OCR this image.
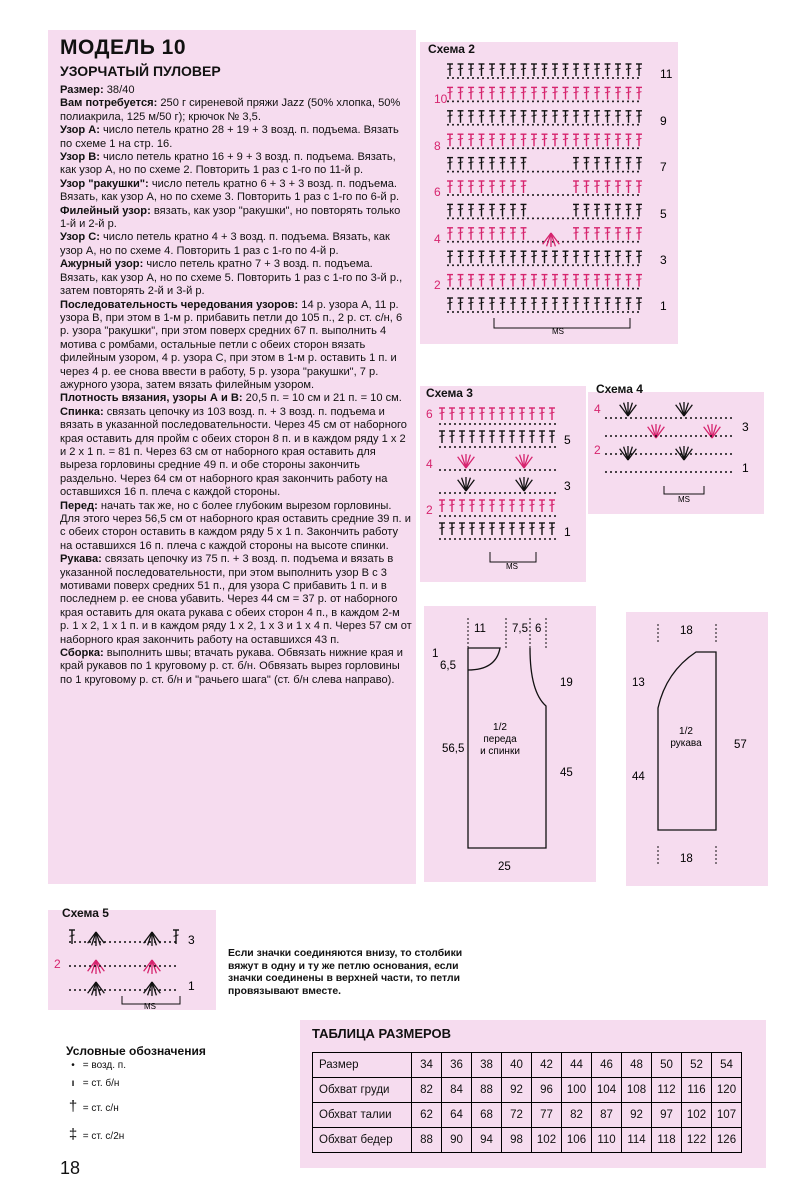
МОДЕЛЬ 10
УЗОРЧАТЫЙ ПУЛОВЕР

Размер: 38/40

Вам потребуется: 250 г сиреневой пряжи Jazz (50% хлопка, 50% полиакрила, 125 м/50 г); крючок № 3,5.

Узор А: число петель кратно 28 + 19 + 3 возд. п. подъема. Вязать по схеме 1 на стр. 16.

Узор В: число петель кратно 16 + 9 + 3 возд. п. подъема. Вязать, как узор А, но по схеме 2. Повторить 1 раз с 1-го по 11-й р.

Узор "ракушки": число петель кратно 6 + 3 + 3 возд. п. подъема. Вязать, как узор А, но по схеме 3. Повторить 1 раз с 1-го по 6-й р.

Филейный узор: вязать, как узор "ракушки", но повторять только 1-й и 2-й р.

Узор С: число петель кратно 4 + 3 возд. п. подъема. Вязать, как узор А, но по схеме 4. Повторить 1 раз с 1-го по 4-й р.

Ажурный узор: число петель кратно 7 + 3 возд. п. подъема. Вязать, как узор А, но по схеме 5. Повторить 1 раз с 1-го по 3-й р., затем повторять 2-й и 3-й р.

Последовательность чередования узоров: 14 р. узора А, 11 р. узора В, при этом в 1-м р. прибавить петли до 105 п., 2 р. ст. с/н, 6 р. узора "ракушки", при этом поверх средних 67 п. выполнить 4 мотива с ромбами, остальные петли с обеих сторон вязать филейным узором, 4 р. узора С, при этом в 1-м р. оставить 1 п. и через 4 р. ее снова ввести в работу, 5 р. узора "ракушки", 7 р. ажурного узора, затем вязать филейным узором.

Плотность вязания, узоры А и В: 20,5 п. = 10 см и 21 п. = 10 см.

Спинка: связать цепочку из 103 возд. п. + 3 возд. п. подъема и вязать в указанной последовательности. Через 45 см от наборного края оставить для пройм с обеих сторон 8 п. и в каждом ряду 1 х 2 и 2 х 1 п. = 81 п. Через 63 см от наборного края оставить для выреза горловины средние 49 п. и обе стороны закончить раздельно. Через 64 см от наборного края закончить работу на оставшихся 16 п. плеча с каждой стороны.

Перед: начать так же, но с более глубоким вырезом горловины. Для этого через 56,5 см от наборного края оставить средние 39 п. и с обеих сторон оставить в каждом ряду 5 х 1 п. Закончить работу на оставшихся 16 п. плеча с каждой стороны на высоте спинки.

Рукава: связать цепочку из 75 п. + 3 возд. п. подъема и вязать в указанной последовательности, при этом выполнить узор В с 3 мотивами поверх средних 51 п., для узора С прибавить 1 п. и в последнем р. ее снова убавить. Через 44 см = 37 р. от наборного края оставить для оката рукава с обеих сторон 4 п., в каждом 2-м р. 1 х 2, 1 х 1 п. и в каждом ряду 1 х 2, 1 х 3 и 1 х 4 п. Через 57 см от наборного края закончить работу на оставшихся 43 п.

Сборка: выполнить швы; втачать рукава. Обвязать нижние края и край рукавов по 1 круговому р. ст. б/н. Обвязать вырез горловины по 1 круговому р. ст. б/н и "рачьего шага" (ст. б/н слева направо).

Схема 2
Схема 3	Схема 4
Схема 5
10
8
6
4
2
11
9
7
5
3
1
MS
6
4
2
5
3
1
MS
4
2
3
1
MS
2
3
1
MS
11 7,5 6
1
6,5
56,5
19
45
25
1/2
переда
и спинки
18
13
44
57
18
1/2
рукава
Если значки соединяются внизу, то столбики вяжут в одну и ту же петлю основания, если значки соединены в верхней части, то петли провязывают вместе.
Условные обозначения
• = возд. п.
ı = ст. б/н
† = ст. с/н
‡ = ст. с/2н
ТАБЛИЦА РАЗМЕРОВ
Размер	34	36	38	40	42	44	46	48	50	52	54
Обхват груди	82	84	88	92	96	100	104	108	112	116	120
Обхват талии	62	64	68	72	77	82	87	92	97	102	107
Обхват бедер	88	90	94	98	102	106	110	114	118	122	126
18
